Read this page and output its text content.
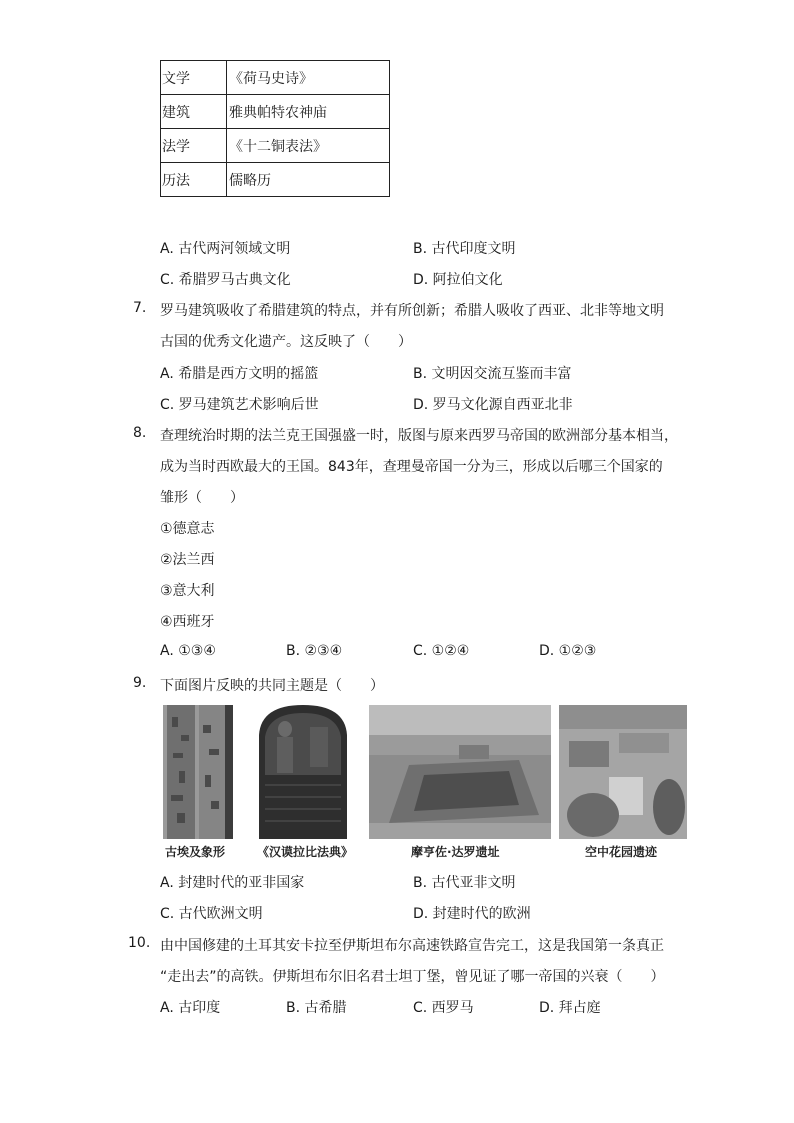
文学	《荷马史诗》
建筑	雅典帕特农神庙
法学	《十二铜表法》
历法	儒略历
A. 古代两河领域文明	B. 古代印度文明
C. 希腊罗马古典文化	D. 阿拉伯文化
7. 罗马建筑吸收了希腊建筑的特点，并有所创新；希腊人吸收了西亚、北非等地文明
古国的优秀文化遗产。这反映了（　　）
A. 希腊是西方文明的摇篮	B. 文明因交流互鉴而丰富
C. 罗马建筑艺术影响后世	D. 罗马文化源自西亚北非
8. 查理统治时期的法兰克王国强盛一时，版图与原来西罗马帝国的欧洲部分基本相当，
成为当时西欧最大的王国。843年，查理曼帝国一分为三，形成以后哪三个国家的
雏形（　　）
①德意志
②法兰西
③意大利
④西班牙
A. ①③④	B. ②③④	C. ①②④	D. ①②③
9. 下面图片反映的共同主题是（　　）
古埃及象形	《汉谟拉比法典》	摩亨佐·达罗遗址	空中花园遗迹
A. 封建时代的亚非国家	B. 古代亚非文明
C. 古代欧洲文明	D. 封建时代的欧洲
10. 由中国修建的土耳其安卡拉至伊斯坦布尔高速铁路宣告完工，这是我国第一条真正
“走出去”的高铁。伊斯坦布尔旧名君士坦丁堡，曾见证了哪一帝国的兴衰（　　）
A. 古印度	B. 古希腊	C. 西罗马	D. 拜占庭
